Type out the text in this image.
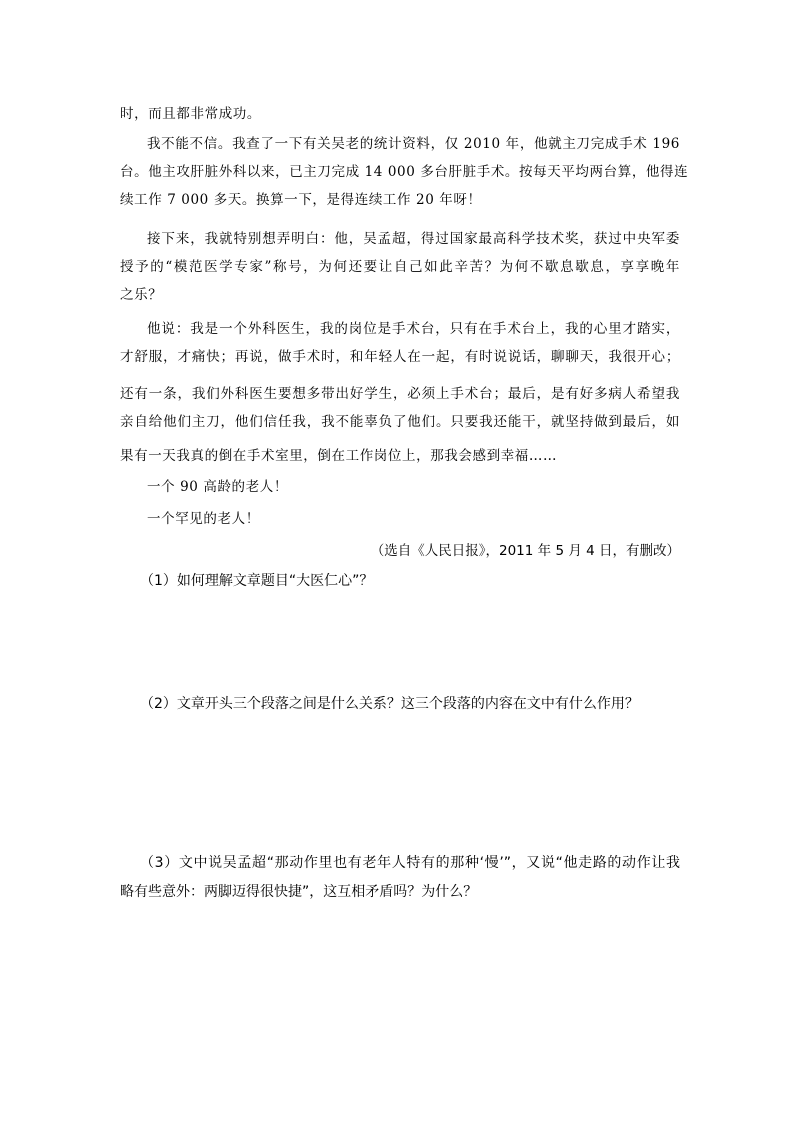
时，而且都非常成功。
我不能不信。我查了一下有关吴老的统计资料，仅 2010 年，他就主刀完成手术 196
台。他主攻肝脏外科以来，已主刀完成 14 000 多台肝脏手术。按每天平均两台算，他得连
续工作 7 000 多天。换算一下，是得连续工作 20 年呀！
接下来，我就特别想弄明白：他，吴孟超，得过国家最高科学技术奖，获过中央军委
授予的“模范医学专家”称号，为何还要让自己如此辛苦？为何不歇息歇息，享享晚年
之乐？
他说：我是一个外科医生，我的岗位是手术台，只有在手术台上，我的心里才踏实，
才舒服，才痛快；再说，做手术时，和年轻人在一起，有时说说话，聊聊天，我很开心；
还有一条，我们外科医生要想多带出好学生，必须上手术台；最后，是有好多病人希望我
亲自给他们主刀，他们信任我，我不能辜负了他们。只要我还能干，就坚持做到最后，如
果有一天我真的倒在手术室里，倒在工作岗位上，那我会感到幸福……
一个 90 高龄的老人！
一个罕见的老人！
（选自《人民日报》，2011 年 5 月 4 日，有删改）
（1）如何理解文章题目“大医仁心”？
（2）文章开头三个段落之间是什么关系？这三个段落的内容在文中有什么作用？
（3）文中说吴孟超“那动作里也有老年人特有的那种‘慢’”，又说“他走路的动作让我
略有些意外：两脚迈得很快捷”，这互相矛盾吗？为什么？
